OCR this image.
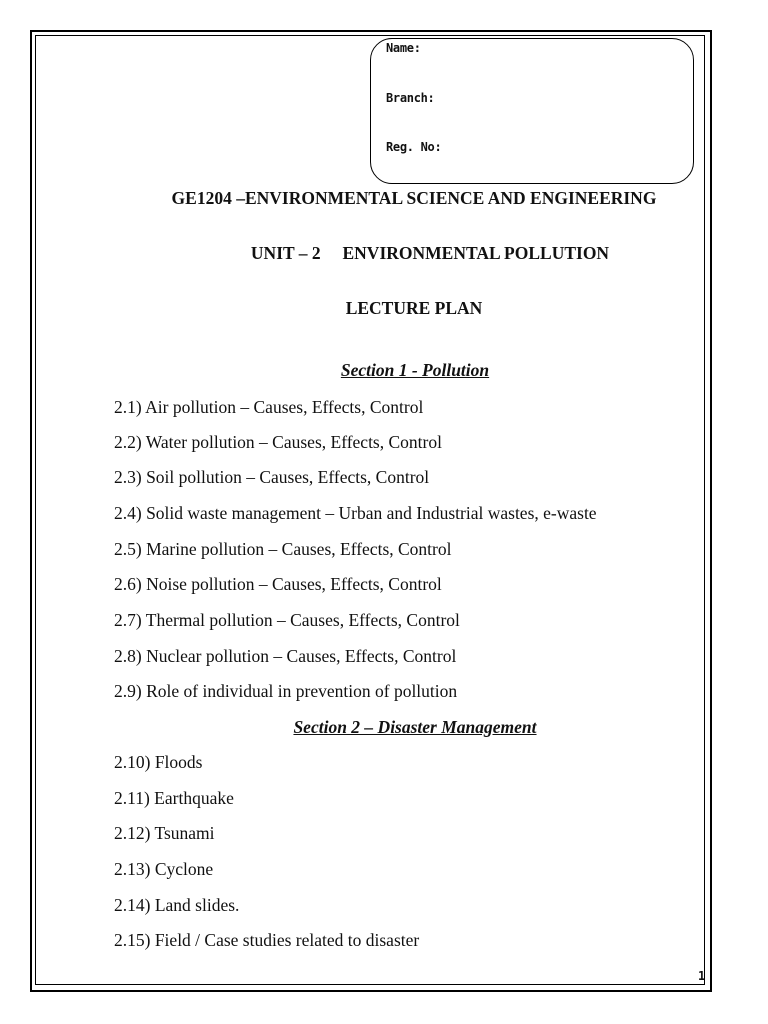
Name:
Branch:
Reg. No:
GE1204 –ENVIRONMENTAL SCIENCE AND ENGINEERING
UNIT – 2     ENVIRONMENTAL POLLUTION
LECTURE PLAN
Section 1 - Pollution
2.1) Air pollution – Causes, Effects, Control
2.2) Water pollution – Causes, Effects, Control
2.3) Soil pollution – Causes, Effects, Control
2.4) Solid waste management – Urban and Industrial wastes, e-waste
2.5) Marine pollution – Causes, Effects, Control
2.6) Noise pollution – Causes, Effects, Control
2.7) Thermal pollution – Causes, Effects, Control
2.8) Nuclear pollution – Causes, Effects, Control
2.9) Role of individual in prevention of pollution
Section 2 – Disaster Management
2.10) Floods
2.11) Earthquake
2.12) Tsunami
2.13) Cyclone
2.14) Land slides.
2.15) Field / Case studies related to disaster
1
